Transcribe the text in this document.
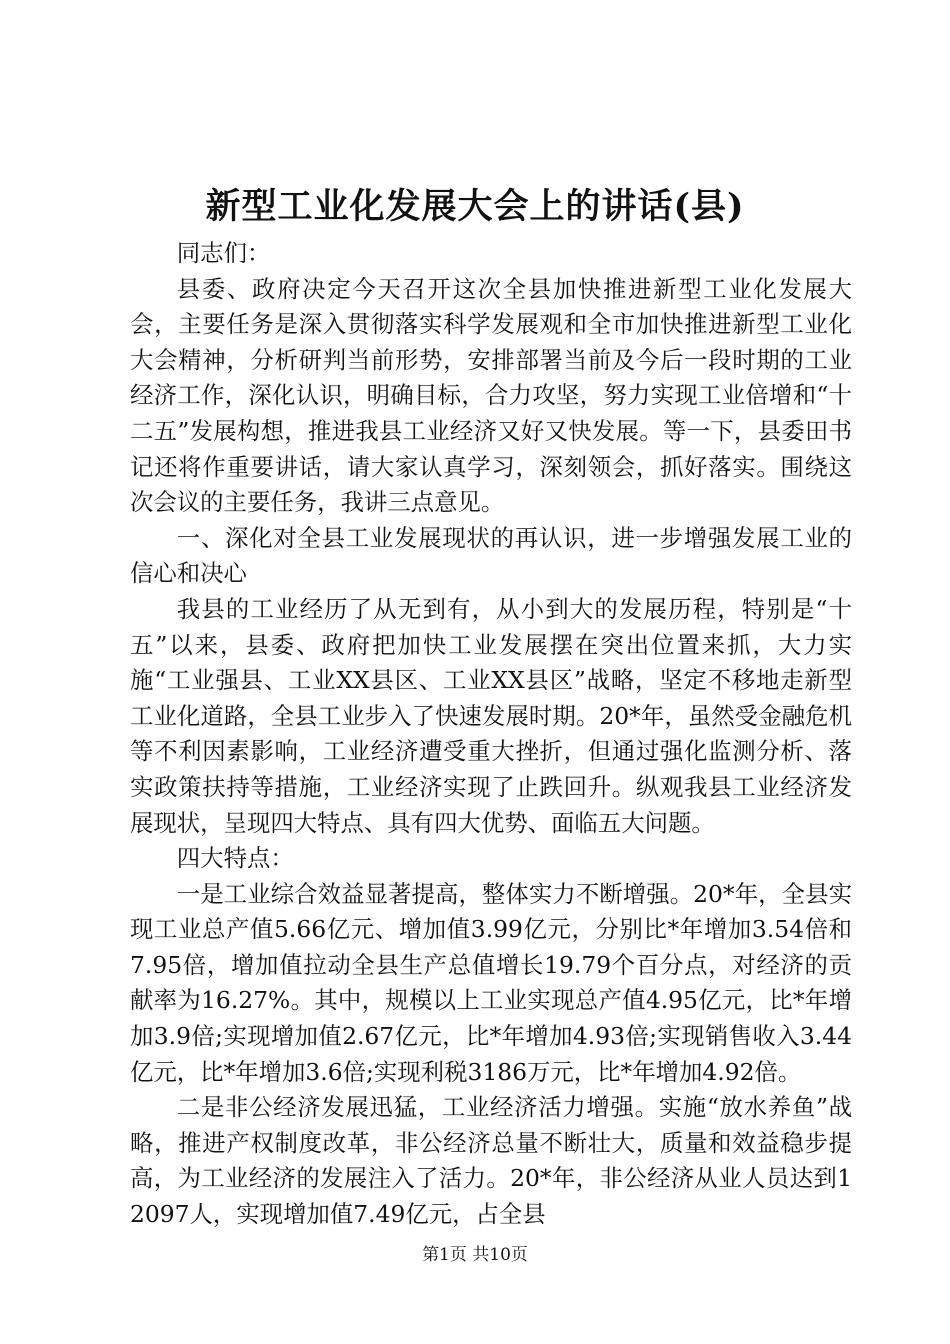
新型工业化发展大会上的讲话(县)

同志们：

县委、政府决定今天召开这次全县加快推进新型工业化发展大会，主要任务是深入贯彻落实科学发展观和全市加快推进新型工业化大会精神，分析研判当前形势，安排部署当前及今后一段时期的工业经济工作，深化认识，明确目标，合力攻坚，努力实现工业倍增和“十二五”发展构想，推进我县工业经济又好又快发展。等一下，县委田书记还将作重要讲话，请大家认真学习，深刻领会，抓好落实。围绕这次会议的主要任务，我讲三点意见。

一、深化对全县工业发展现状的再认识，进一步增强发展工业的信心和决心

我县的工业经历了从无到有，从小到大的发展历程，特别是“十五”以来，县委、政府把加快工业发展摆在突出位置来抓，大力实施“工业强县、工业XX县区、工业XX县区”战略，坚定不移地走新型工业化道路，全县工业步入了快速发展时期。20*年，虽然受金融危机等不利因素影响，工业经济遭受重大挫折，但通过强化监测分析、落实政策扶持等措施，工业经济实现了止跌回升。纵观我县工业经济发展现状，呈现四大特点、具有四大优势、面临五大问题。

四大特点：

一是工业综合效益显著提高，整体实力不断增强。20*年，全县实现工业总产值5.66亿元、增加值3.99亿元，分别比*年增加3.54倍和7.95倍，增加值拉动全县生产总值增长19.79个百分点，对经济的贡献率为16.27%。其中，规模以上工业实现总产值4.95亿元，比*年增加3.9倍;实现增加值2.67亿元，比*年增加4.93倍;实现销售收入3.44亿元，比*年增加3.6倍;实现利税3186万元，比*年增加4.92倍。

二是非公经济发展迅猛，工业经济活力增强。实施“放水养鱼”战略，推进产权制度改革，非公经济总量不断壮大，质量和效益稳步提高，为工业经济的发展注入了活力。20*年，非公经济从业人员达到12097人，实现增加值7.49亿元，占全县

第1页 共10页
